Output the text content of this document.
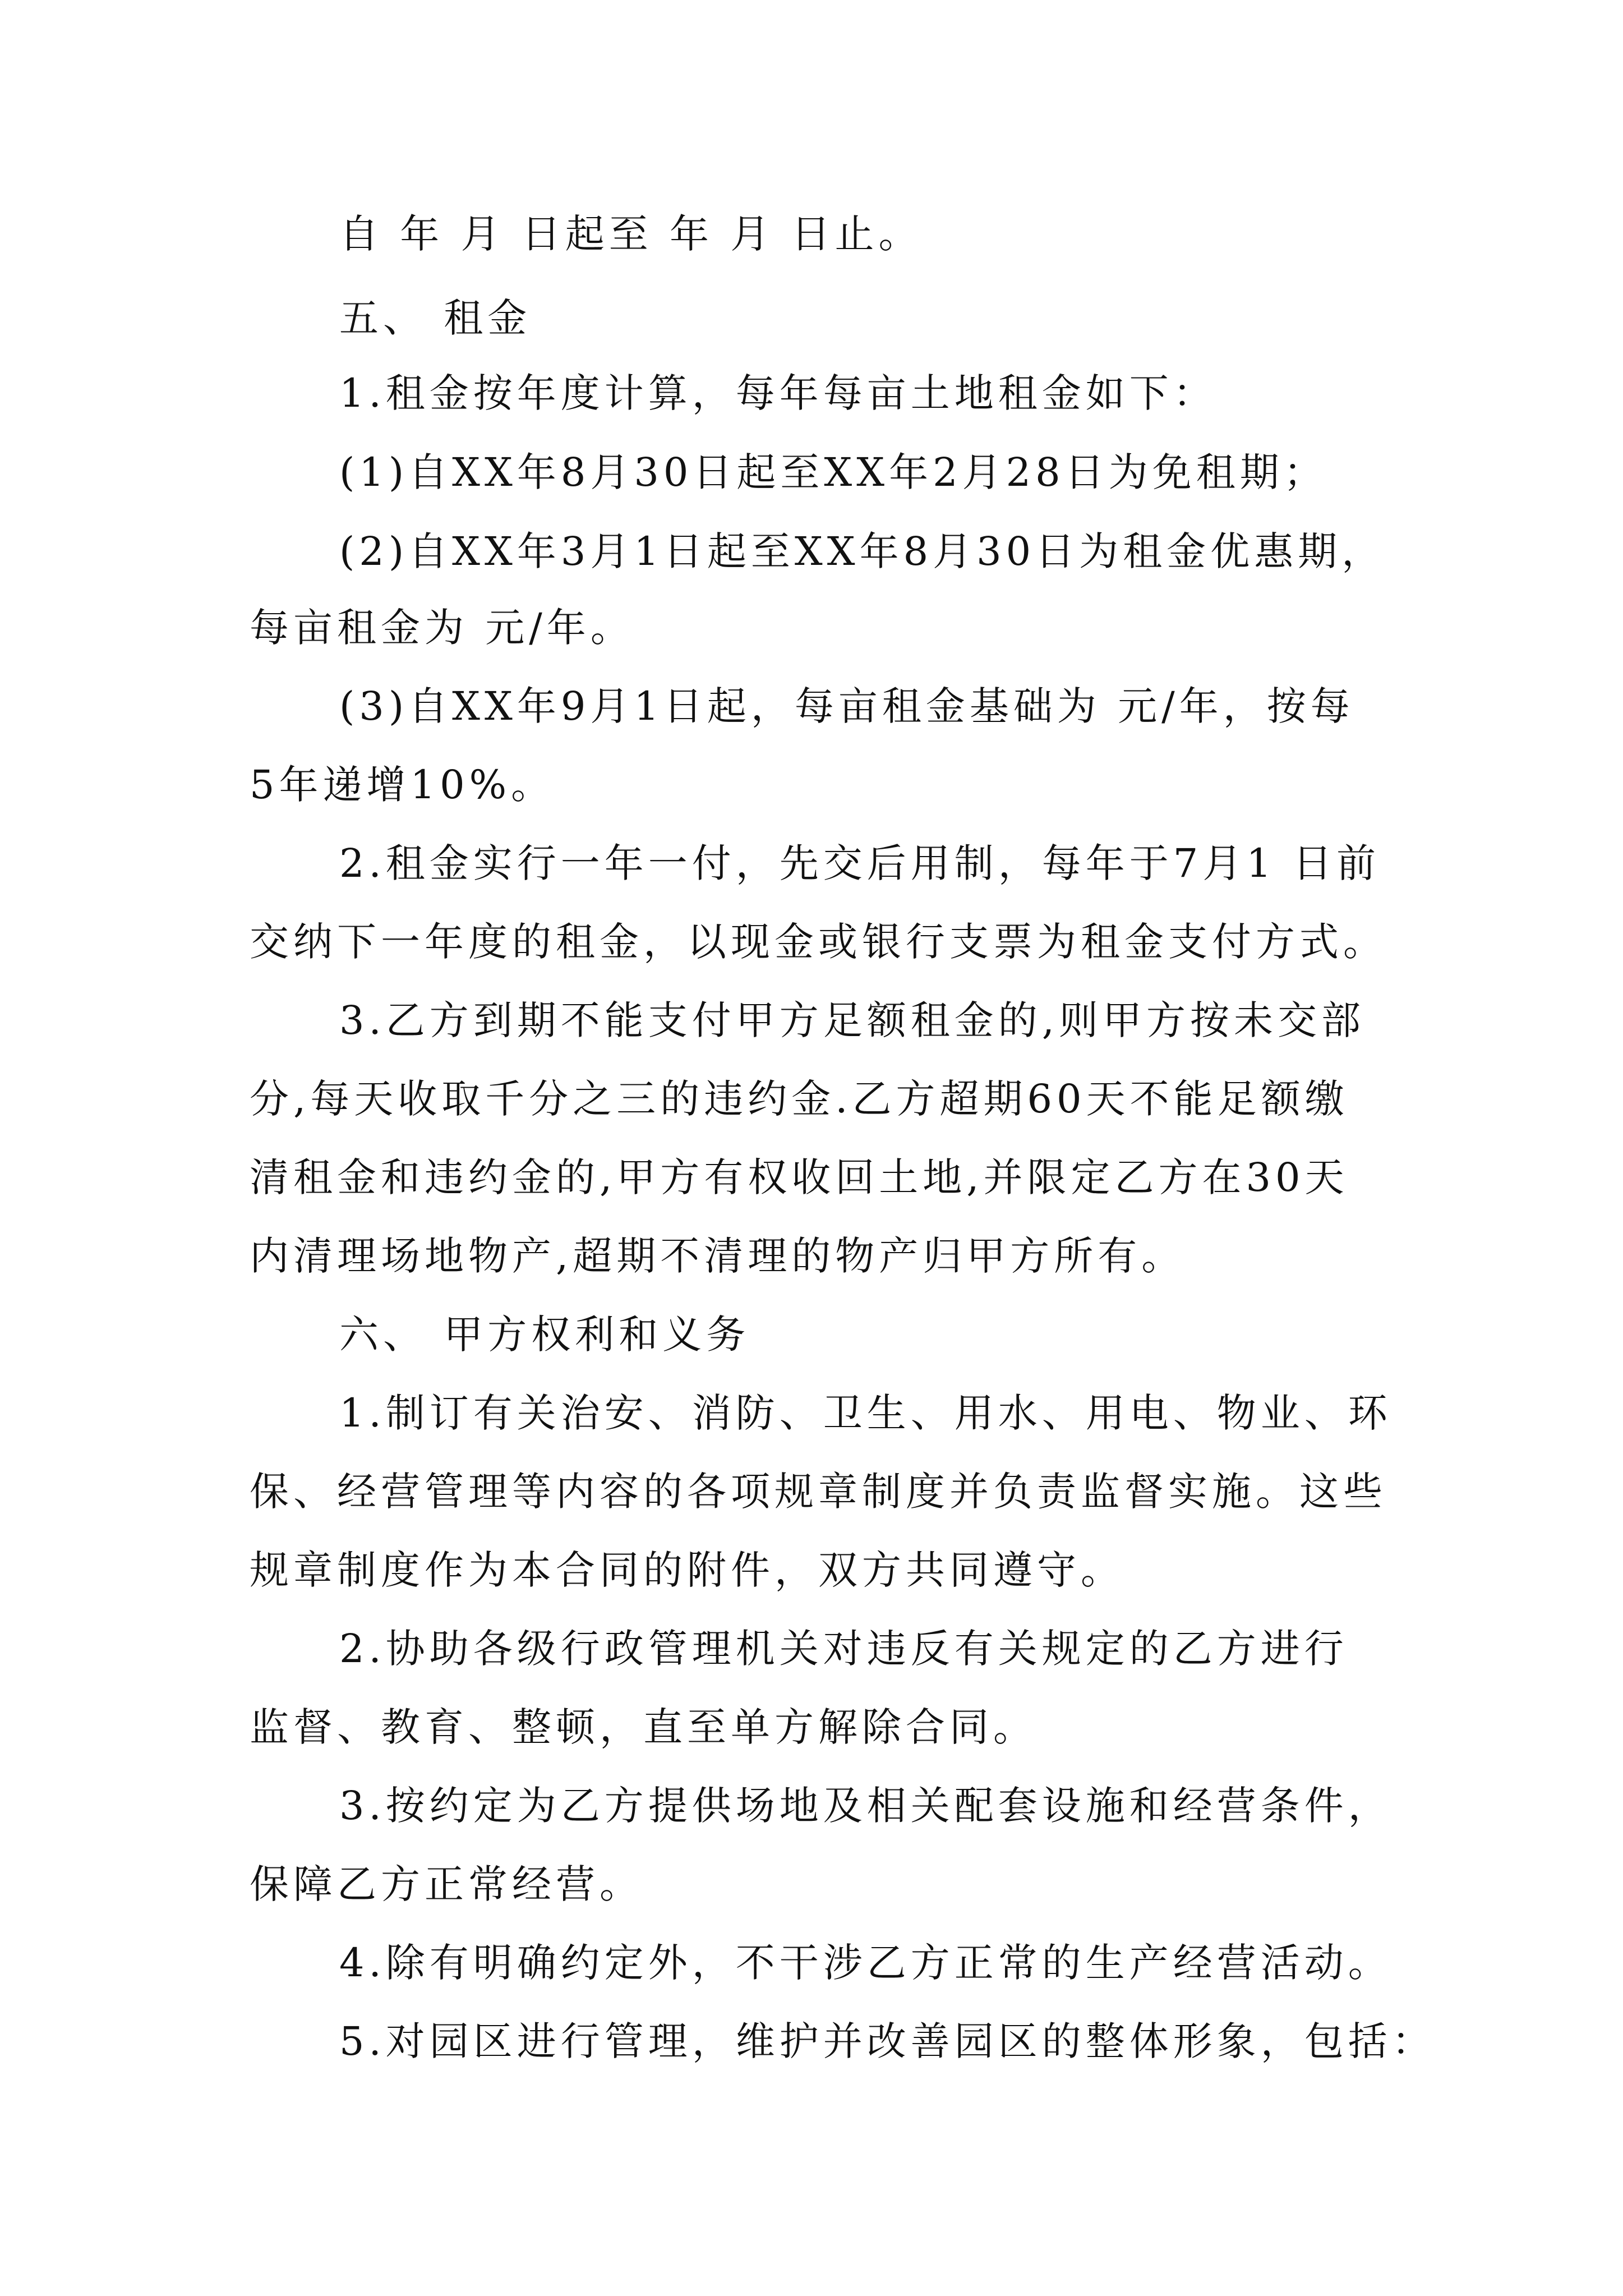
自 年 月 日起至 年 月 日止。

五、 租金

1.租金按年度计算，每年每亩土地租金如下：

(1)自XX年8月30日起至XX年2月28日为免租期；

(2)自XX年3月1日起至XX年8月30日为租金优惠期，

每亩租金为 元/年。

(3)自XX年9月1日起，每亩租金基础为 元/年，按每

5年递增10%。

2.租金实行一年一付，先交后用制，每年于7月1 日前

交纳下一年度的租金，以现金或银行支票为租金支付方式。

3.乙方到期不能支付甲方足额租金的,则甲方按未交部

分,每天收取千分之三的违约金.乙方超期60天不能足额缴

清租金和违约金的,甲方有权收回土地,并限定乙方在30天

内清理场地物产,超期不清理的物产归甲方所有。

六、 甲方权利和义务

1.制订有关治安、消防、卫生、用水、用电、物业、环

保、经营管理等内容的各项规章制度并负责监督实施。这些

规章制度作为本合同的附件，双方共同遵守。

2.协助各级行政管理机关对违反有关规定的乙方进行

监督、教育、整顿，直至单方解除合同。

3.按约定为乙方提供场地及相关配套设施和经营条件，

保障乙方正常经营。

4.除有明确约定外，不干涉乙方正常的生产经营活动。

5.对园区进行管理，维护并改善园区的整体形象，包括：
